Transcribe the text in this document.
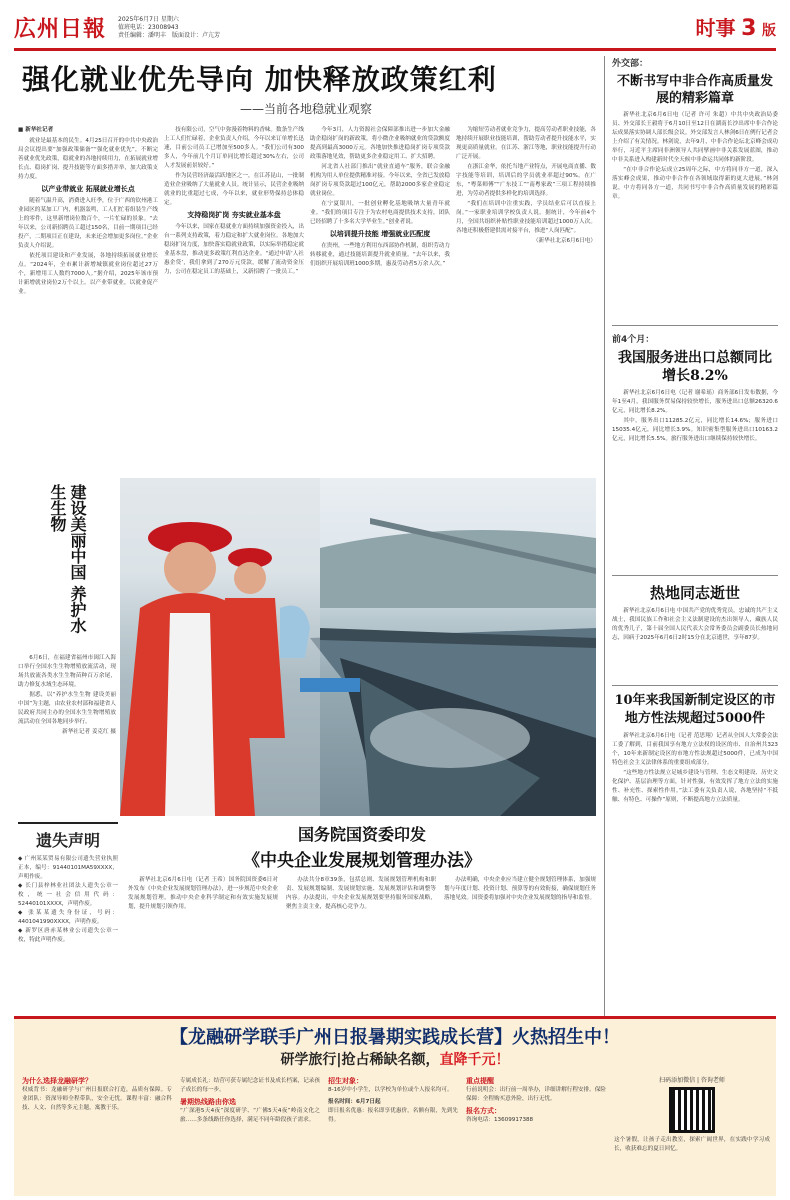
広州日報 2025年6月7日 星期六
值班电话：23008943
责任编辑：潘明丰　 版面设计：卢亢芳	时事 3 版
强化就业优先导向 加快释放政策红利
——当前各地稳就业观察
■ 新华社记者

就业是最基本的民生。4月25日召开的中共中央政治局会议提出要“加强政策储备”“强化就业优先”，不断完善就业优先政策，稳就业的各地持续用力，在拓展就业增长点、稳岗扩岗、提升技能等方面多措并举，加大政策支持力度。

以产业带就业 拓展就业增长点

随着气温升高，消费进入旺季，位于广西的钦州港工业园区的某加工厂内，机器轰鸣，工人们忙着组装生产线上的零件，这里新增岗位数百个，一片忙碌的景象。“去年以来，公司新招聘员工超过150名，目前一期项目已经投产，二期项目正在建设，未来还会增加更多岗位。”企业负责人介绍说。

依托项目建设和产业发展，各地持续拓展就业增长点。“2024年，全市累计新增城镇就业岗位超过27万个，新增用工人数约7000人。”据介绍，2025年该市预计新增就业岗位2万个以上。以产业带就业，以就业促产业。

技有限公司，空气中弥漫着物料的香味。数条生产线上工人们忙碌着，企业负责人介绍，今年以来订单增长迅速，目前公司员工已增加至500多人。“我们公司有300多人，今年前几个月订单同比增长超过30%左右，公司人才发展前景较好。”

作为民营经济最活跃地区之一，在江苏昆山，一批制造业企业吸纳了大量就业人员。统计显示，民营企业吸纳就业的比重超过七成，今年以来，就业形势保持总体稳定。

支持稳岗扩岗 夯实就业基本盘

今年以来，国家在稳就业方面持续加强资金投入，出台一系列支持政策，着力稳定和扩大就业岗位。各地加大稳岗扩岗力度，加快落实稳就业政策，以实际举措稳定就业基本盘，推动更多政策红利直达企业。“通过申请‘人社惠企贷’，我们拿到了270万元贷款，缓解了流动资金压力，公司在稳定员工的基础上，又新招聘了一批员工。”

今年3月，人力资源社会保障部推出进一步加大金融助企稳岗扩岗的新政策，将小微企业吸纳就业的贷款额度提高到最高3000万元。各地加快推进稳岗扩岗专项贷款政策落地见效，帮助更多企业稳定用工、扩大招聘。

河北省人社部门推出“就业直通车”服务，联合金融机构为用人单位提供精准对接。今年以来，全省已发放稳岗扩岗专项贷款超过100亿元，帮助2000多家企业稳定就业岗位。

在宁夏银川，一批创业孵化基地吸纳大量青年就业。“我们的项目专注于为农村电商提供技术支持，团队已经招聘了十多名大学毕业生。”创业者说。

以培训提升技能 增强就业匹配度

在贵州，一些地方利用东西部协作机制，组织劳动力转移就业，通过技能培训提升就业质量。“去年以来，我们组织开展培训班1000多期，惠及劳动者5万余人次。”

为缩短劳动者就业竞争力，提高劳动者职业技能，各地持续开展职业技能培训，帮助劳动者提升技能水平，实现更高质量就业。在江苏、浙江等地，职业技能提升行动广泛开展。

在浙江金华，依托当地产业特点，开展电商直播、数字技能等培训，培训后的学员就业率超过90%。在广东，“粤菜师傅”“广东技工”“南粤家政”三项工程持续推进，为劳动者提供多样化的培训选择。

“我们在培训中注重实践，学员结业后可以直接上岗。”一家职业培训学校负责人说。据统计，今年前4个月，全国共组织补贴性职业技能培训超过1000万人次。各地还积极搭建供需对接平台，推进“人岗匹配”。

（新华社北京6月6日电）
建设美丽中国 养护水生生物

6月6日，在福建省福州市闽江入海口举行全国水生生物增殖放流活动，现场共放流各类水生生物苗种百万余尾，助力修复水域生态环境。

据悉，以“养护水生生物 建设美丽中国”为主题，由农业农村部和福建省人民政府共同主办的全国水生生物增殖放流活动在全国各地同步举行。

新华社记者 姜克红 摄
遗失声明
◆ 广州某某贸易有限公司遗失营业执照正本，编号：91440101MA59XXXX，声明作废。
◆ 长门县梓林业社团法人遗失公章一枚，统一社会信用代码：52440101XXXX，声明作废。
◆ 张某某遗失身份证，号码：4401041990XXXX，声明作废。
◆ 新罗区唐赤某林业公司遗失公章一枚，特此声明作废。
国务院国资委印发
《中央企业发展规划管理办法》

新华社北京6月6日电（记者 王希）国务院国资委6日对外发布《中央企业发展规划管理办法》，进一步规范中央企业发展规划管理，推动中央企业科学制定和有效实施发展规划，提升规划引领作用。

办法共分8章39条，包括总则、发展规划管理机构和职责、发展规划编制、发展规划实施、发展规划评估和调整等内容。办法提出，中央企业发展规划要坚持服务国家战略，聚焦主责主业，提高核心竞争力。

办法明确，中央企业应当建立健全规划管理体系，加强规划与年度计划、投资计划、预算等的有效衔接，确保规划任务落地见效。国资委将加强对中央企业发展规划的指导和监督。

外交部：
不断书写中非合作高质量发展的精彩篇章

新华社北京6月6日电（记者 许可 朱超）中共中央政治局委员、外交部长王毅将于6月10日至12日在湖南长沙出席中非合作论坛成果落实协调人部长级会议。外交部发言人林剑6日在例行记者会上介绍了有关情况。林剑说，去年9月，中非合作论坛北京峰会成功举行，习近平主席同非洲领导人共同擘画中非关系发展蓝图，推动中非关系进入构建新时代全天候中非命运共同体的新阶段。

“在中非合作论坛成立25周年之际，中方将同非方一道，深入落实峰会成果，推动中非合作在各领域取得新的更大进展。”林剑说，中方将同各方一道，共同书写中非合作高质量发展的精彩篇章。

前4个月：
我国服务进出口总额同比增长8.2%

新华社北京6月6日电（记者 谢希瑶）商务部6日发布数据，今年1至4月，我国服务贸易保持较快增长，服务进出口总额26320.6亿元，同比增长8.2%。

其中，服务出口11285.2亿元，同比增长14.6%；服务进口15035.4亿元，同比增长3.9%。知识密集型服务进出口10163.2亿元，同比增长5.5%。旅行服务进出口继续保持较快增长。

热地同志逝世

新华社北京6月6日电 中国共产党的优秀党员，忠诚的共产主义战士，我国民族工作和社会主义法制建设的杰出领导人，藏族人民的优秀儿子，第十届全国人民代表大会常务委员会副委员长热地同志，因病于2025年6月6日2时15分在北京逝世，享年87岁。

10年来我国新制定设区的市地方性法规超过5000件

新华社北京6月6日电（记者 范思翔）记者从全国人大常委会法工委了解到，目前我国享有地方立法权的设区的市、自治州共323个，10年来新制定设区的市地方性法规超过5000件，已成为中国特色社会主义法律体系的重要组成部分。

“这些地方性法规立足城乡建设与管理、生态文明建设、历史文化保护、基层治理等方面，针对性强，有效发挥了地方立法的实施性、补充性、探索性作用。”法工委有关负责人说，各地坚持“不抵触、有特色、可操作”原则，不断提高地方立法质量。

【龙融研学联手广州日报暑期实践成长营】火热招生中！
研学旅行|抢占稀缺名额，直降千元！
为什么选择龙融研学？
权威背书：龙融研学与广州日报联合打造，品质有保障。专业团队：资深导师全程带队，安全无忧。课程丰富：融合科技、人文、自然等多元主题，寓教于乐。
专属成长礼：结营可获专属纪念证书及成长档案，记录孩子成长的每一步。
暑期热线路由你选
“广深港5天4夜”深度研学、“广佛5天4夜”岭南文化之旅……多条线路任你选择，满足不同年龄段孩子需求。
招生对象：
8-16岁中小学生，以学校为单位或个人报名均可。
报名时间：6月7日起
即日报名优惠：报名即享优惠价，名额有限，先到先得。
重点提醒
行前说明会：出行前一周举办，详细讲解行程安排。保险保障：全程购买意外险，出行无忧。
报名方式：
咨询电话：13609917388
扫码添加微信 | 咨询老师
这个暑假，让孩子走出教室，探索广阔世界，在实践中学习成长，收获难忘的夏日回忆。
